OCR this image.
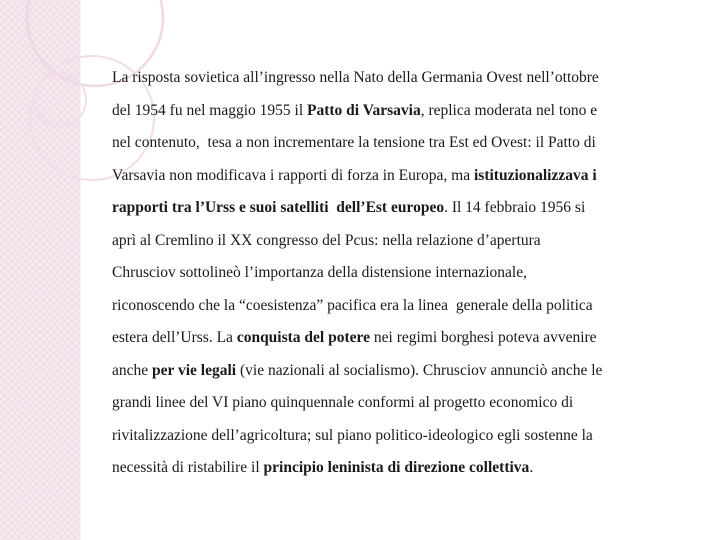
La risposta sovietica all’ingresso nella Nato della Germania Ovest nell’ottobre
del 1954 fu nel maggio 1955 il Patto di Varsavia, replica moderata nel tono e
nel contenuto,  tesa a non incrementare la tensione tra Est ed Ovest: il Patto di
Varsavia non modificava i rapporti di forza in Europa, ma istituzionalizzava i
rapporti tra l’Urss e suoi satelliti  dell’Est europeo. Il 14 febbraio 1956 si
aprì al Cremlino il XX congresso del Pcus: nella relazione d’apertura
Chrusciov sottolineò l’importanza della distensione internazionale,
riconoscendo che la “coesistenza” pacifica era la linea  generale della politica
estera dell’Urss. La conquista del potere nei regimi borghesi poteva avvenire
anche per vie legali (vie nazionali al socialismo). Chrusciov annunciò anche le
grandi linee del VI piano quinquennale conformi al progetto economico di
rivitalizzazione dell’agricoltura; sul piano politico-ideologico egli sostenne la
necessità di ristabilire il principio leninista di direzione collettiva.
